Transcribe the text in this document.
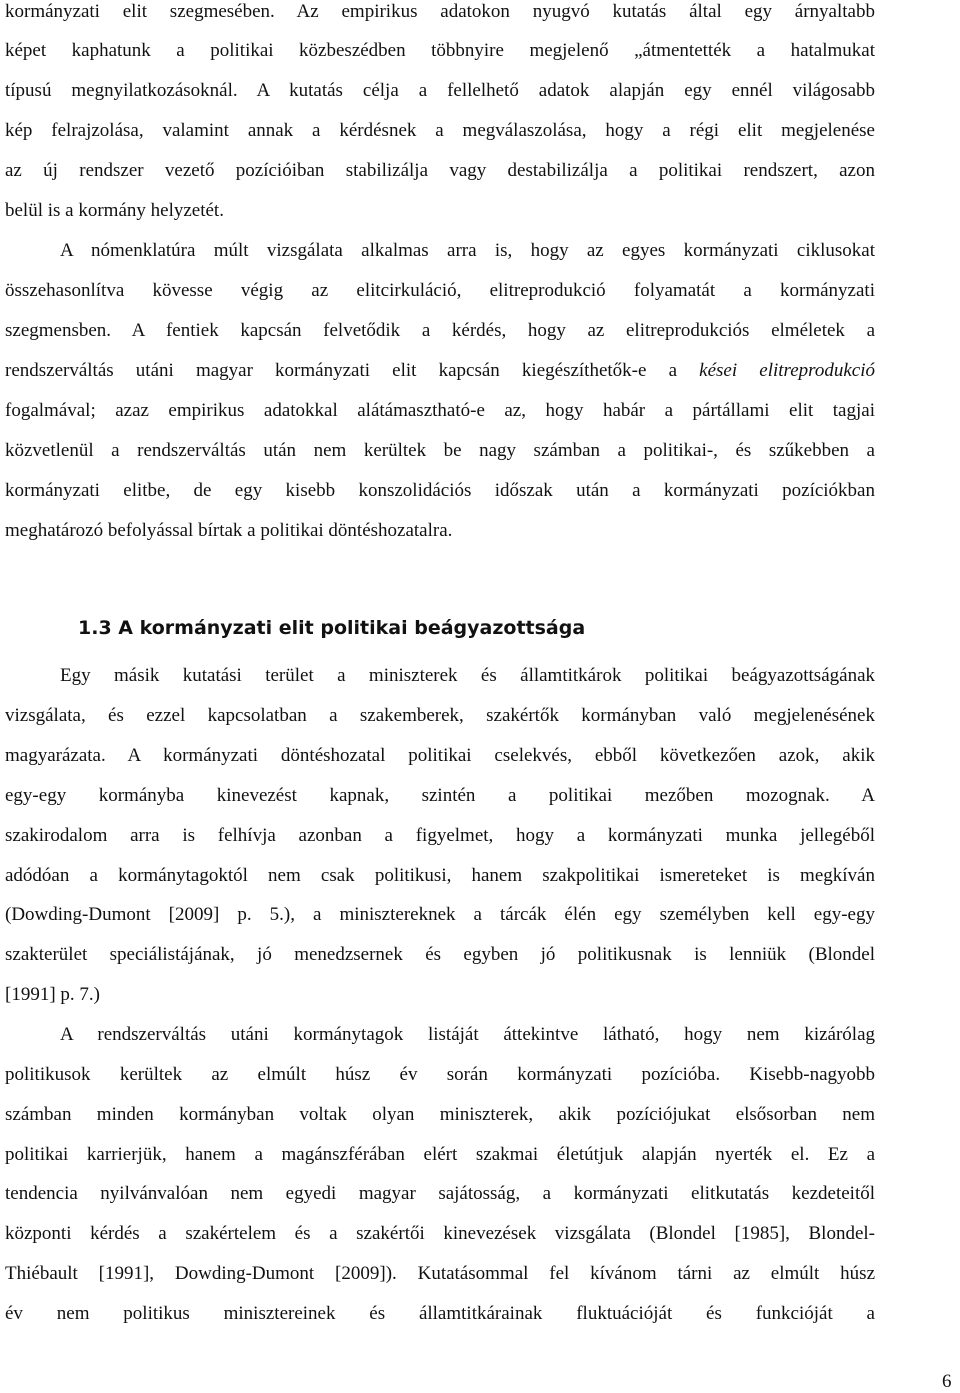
kormányzati elit szegmesében. Az empirikus adatokon nyugvó kutatás által egy árnyaltabb
képet kaphatunk a politikai közbeszédben többnyire megjelenő „átmentették a hatalmukat
típusú megnyilatkozásoknál. A kutatás célja a fellelhető adatok alapján egy ennél világosabb
kép felrajzolása, valamint annak a kérdésnek a megválaszolása, hogy a régi elit megjelenése
az új rendszer vezető pozícióiban stabilizálja vagy destabilizálja a politikai rendszert, azon
belül is a kormány helyzetét.
A nómenklatúra múlt vizsgálata alkalmas arra is, hogy az egyes kormányzati ciklusokat
összehasonlítva kövesse végig az elitcirkuláció, elitreprodukció folyamatát a kormányzati
szegmensben. A fentiek kapcsán felvetődik a kérdés, hogy az elitreprodukciós elméletek a
rendszerváltás utáni magyar kormányzati elit kapcsán kiegészíthetők-e a kései elitreprodukció
fogalmával; azaz empirikus adatokkal alátámasztható-e az, hogy habár a pártállami elit tagjai
közvetlenül a rendszerváltás után nem kerültek be nagy számban a politikai-, és szűkebben a
kormányzati elitbe, de egy kisebb konszolidációs időszak után a kormányzati pozíciókban
meghatározó befolyással bírtak a politikai döntéshozatalra.
1.3 A kormányzati elit politikai beágyazottsága
Egy másik kutatási terület a miniszterek és államtitkárok politikai beágyazottságának
vizsgálata, és ezzel kapcsolatban a szakemberek, szakértők kormányban való megjelenésének
magyarázata. A kormányzati döntéshozatal politikai cselekvés, ebből következően azok, akik
egy-egy kormányba kinevezést kapnak, szintén a politikai mezőben mozognak. A
szakirodalom arra is felhívja azonban a figyelmet, hogy a kormányzati munka jellegéből
adódóan a kormánytagoktól nem csak politikusi, hanem szakpolitikai ismereteket is megkíván
(Dowding-Dumont [2009] p. 5.), a minisztereknek a tárcák élén egy személyben kell egy-egy
szakterület speciálistájának, jó menedzsernek és egyben jó politikusnak is lenniük (Blondel
[1991] p. 7.)
A rendszerváltás utáni kormánytagok listáját áttekintve látható, hogy nem kizárólag
politikusok kerültek az elmúlt húsz év során kormányzati pozícióba. Kisebb-nagyobb
számban minden kormányban voltak olyan miniszterek, akik pozíciójukat elsősorban nem
politikai karrierjük, hanem a magánszférában elért szakmai életútjuk alapján nyerték el. Ez a
tendencia nyilvánvalóan nem egyedi magyar sajátosság, a kormányzati elitkutatás kezdeteitől
központi kérdés a szakértelem és a szakértői kinevezések vizsgálata (Blondel [1985], Blondel-
Thiébault [1991], Dowding-Dumont [2009]). Kutatásommal fel kívánom tárni az elmúlt húsz
év nem politikus minisztereinek és államtitkárainak fluktuációját és funkcióját a
6
